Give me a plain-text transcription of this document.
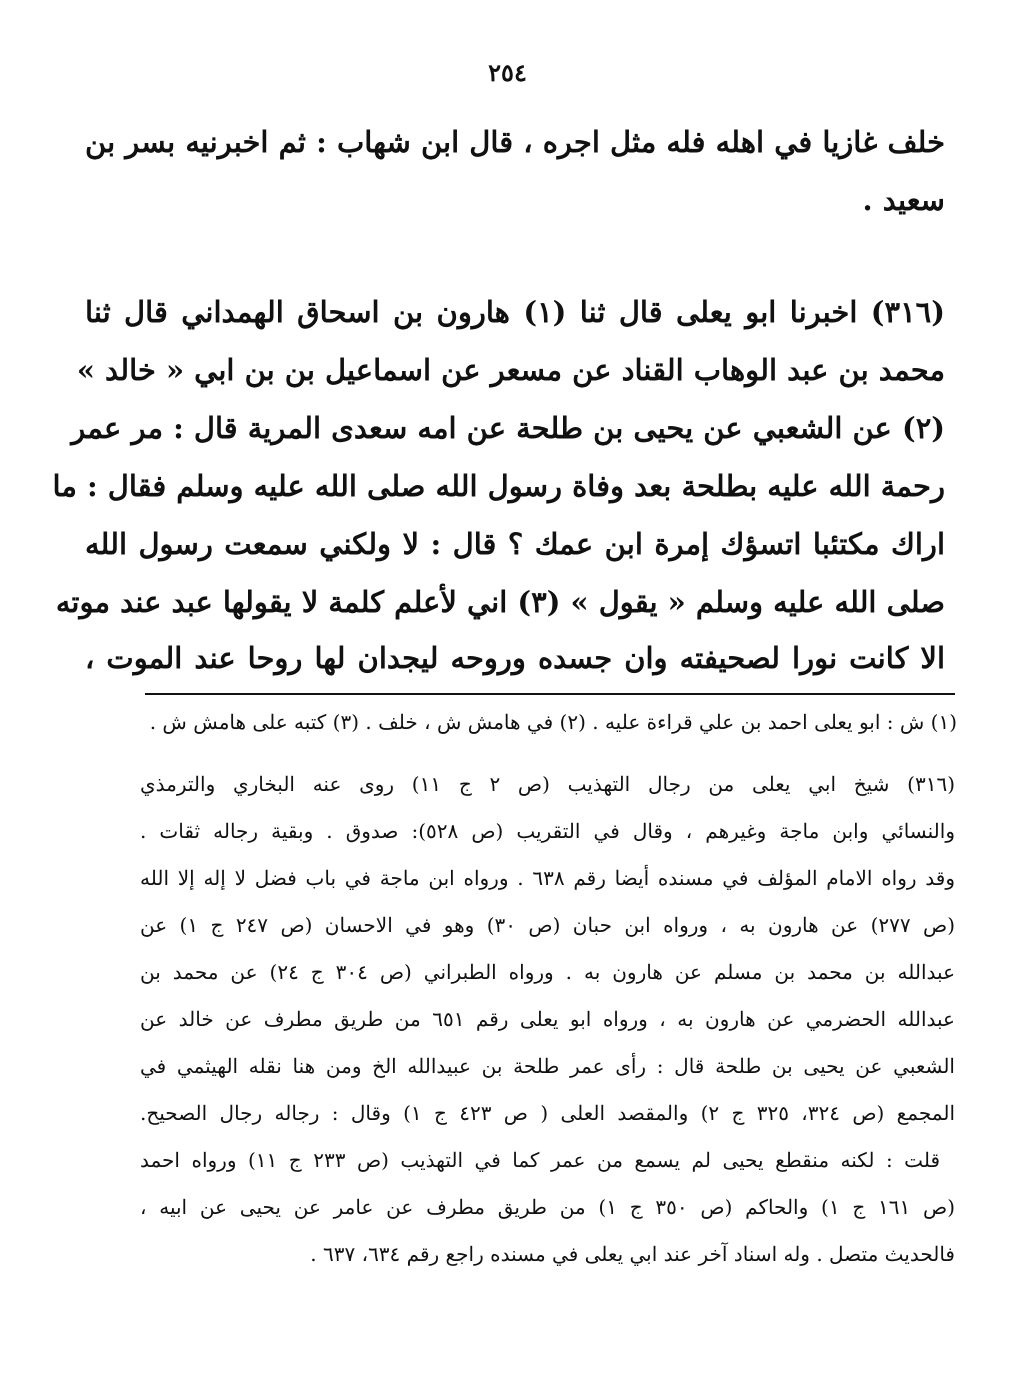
٢٥٤
خلف غازيا في اهله فله مثل اجره ، قال ابن شهاب : ثم اخبرنيه بسر بن
سعيد .
(٣١٦) اخبرنا ابو يعلى قال ثنا (١) هارون بن اسحاق الهمداني قال ثنا
محمد بن عبد الوهاب القناد عن مسعر عن اسماعيل بن بن ابي « خالد »
(٢) عن الشعبي عن يحيى بن طلحة عن امه سعدى المرية قال : مر عمر
رحمة الله عليه بطلحة بعد وفاة رسول الله صلى الله عليه وسلم فقال : ما
اراك مكتئبا اتسؤك إمرة ابن عمك ؟ قال : لا ولكني سمعت رسول الله
صلى الله عليه وسلم « يقول » (٣) اني لأعلم كلمة لا يقولها عبد عند موته
الا كانت نورا لصحيفته وان جسده وروحه ليجدان لها روحا عند الموت ،
(١) ش : ابو يعلى احمد بن علي قراءة عليه . (٢) في هامش ش ، خلف . (٣) كتبه على هامش ش .
(٣١٦) شيخ ابي يعلى من رجال التهذيب (ص ٢ ج ١١) روى عنه البخاري والترمذي
والنسائي وابن ماجة وغيرهم ، وقال في التقريب (ص ٥٢٨): صدوق . وبقية رجاله ثقات .
وقد رواه الامام المؤلف في مسنده أيضا رقم ٦٣٨ . ورواه ابن ماجة في باب فضل لا إله إلا الله
(ص ٢٧٧) عن هارون به ، ورواه ابن حبان (ص ٣٠) وهو في الاحسان (ص ٢٤٧ ج ١) عن
عبدالله بن محمد بن مسلم عن هارون به . ورواه الطبراني (ص ٣٠٤ ج ٢٤) عن محمد بن
عبدالله الحضرمي عن هارون به ، ورواه ابو يعلى رقم ٦٥١ من طريق مطرف عن خالد عن
الشعبي عن يحيى بن طلحة قال : رأى عمر طلحة بن عبيدالله الخ ومن هنا نقله الهيثمي في
المجمع (ص ٣٢٤، ٣٢٥ ج ٢) والمقصد العلى ( ص ٤٢٣ ج ١) وقال : رجاله رجال الصحيح.
قلت : لكنه منقطع يحيى لم يسمع من عمر كما في التهذيب (ص ٢٣٣ ج ١١) ورواه احمد
(ص ١٦١ ج ١) والحاكم (ص ٣٥٠ ج ١) من طريق مطرف عن عامر عن يحيى عن ابيه ،
فالحديث متصل . وله اسناد آخر عند ابي يعلى في مسنده راجع رقم ٦٣٤، ٦٣٧ .
